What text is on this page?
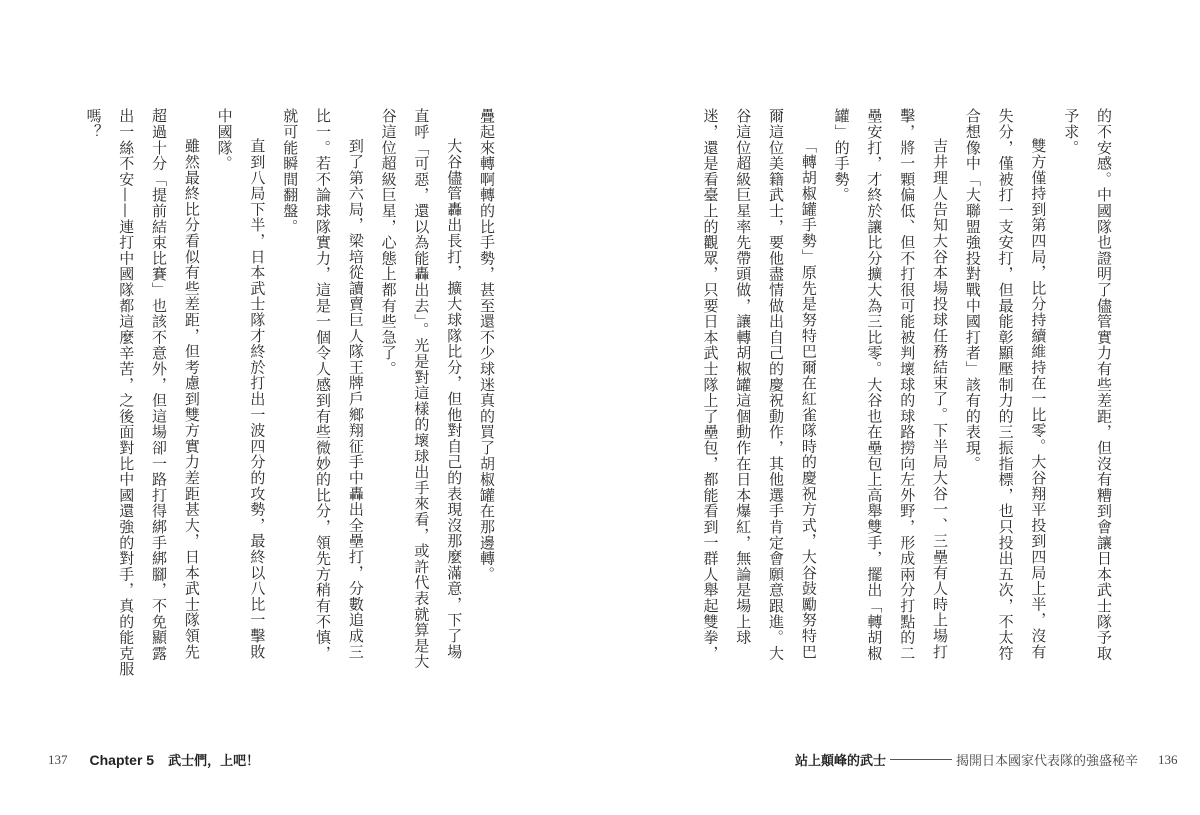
的不安感。中國隊也證明了儘管實力有些差距，但沒有糟到會讓日本武士隊予取
予求。
雙方僅持到第四局，比分持續維持在一比零。大谷翔平投到四局上半，沒有
失分，僅被打一支安打，但最能彰顯壓制力的三振指標，也只投出五次，不太符
合想像中「大聯盟強投對戰中國打者」該有的表現。
吉井理人告知大谷本場投球任務結束了。下半局大谷一、三壘有人時上場打
擊，將一顆偏低、但不打很可能被判壞球的球路撈向左外野，形成兩分打點的二
壘安打，才終於讓比分擴大為三比零。大谷也在壘包上高舉雙手，擺出「轉胡椒
罐」的手勢。
「轉胡椒罐手勢」原先是努特巴爾在紅雀隊時的慶祝方式，大谷鼓勵努特巴
爾這位美籍武士，要他盡情做出自己的慶祝動作，其他選手肯定會願意跟進。大
谷這位超級巨星率先帶頭做，讓轉胡椒罐這個動作在日本爆紅，無論是場上球
迷，還是看臺上的觀眾，只要日本武士隊上了壘包，都能看到一群人舉起雙拳，
疊起來轉啊轉的比手勢，甚至還不少球迷真的買了胡椒罐在那邊轉。
大谷儘管轟出長打，擴大球隊比分，但他對自己的表現沒那麼滿意，下了場
直呼「可惡，還以為能轟出去」。光是對這樣的壞球出手來看，或許代表就算是大
谷這位超級巨星，心態上都有些急了。
到了第六局，梁培從讀賣巨人隊王牌戶鄉翔征手中轟出全壘打，分數追成三
比一。若不論球隊實力，這是一個令人感到有些微妙的比分，領先方稍有不慎，
就可能瞬間翻盤。
直到八局下半，日本武士隊才終於打出一波四分的攻勢，最終以八比一擊敗
中國隊。
雖然最終比分看似有些差距，但考慮到雙方實力差距甚大，日本武士隊領先
超過十分「提前結束比賽」也該不意外，但這場卻一路打得綁手綁腳，不免顯露
出一絲不安——連打中國隊都這麼辛苦，之後面對比中國還強的對手，真的能克服
嗎？
137 Chapter 5 武士們，上吧！	站上顛峰的武士	揭開日本國家代表隊的強盛秘辛 136
